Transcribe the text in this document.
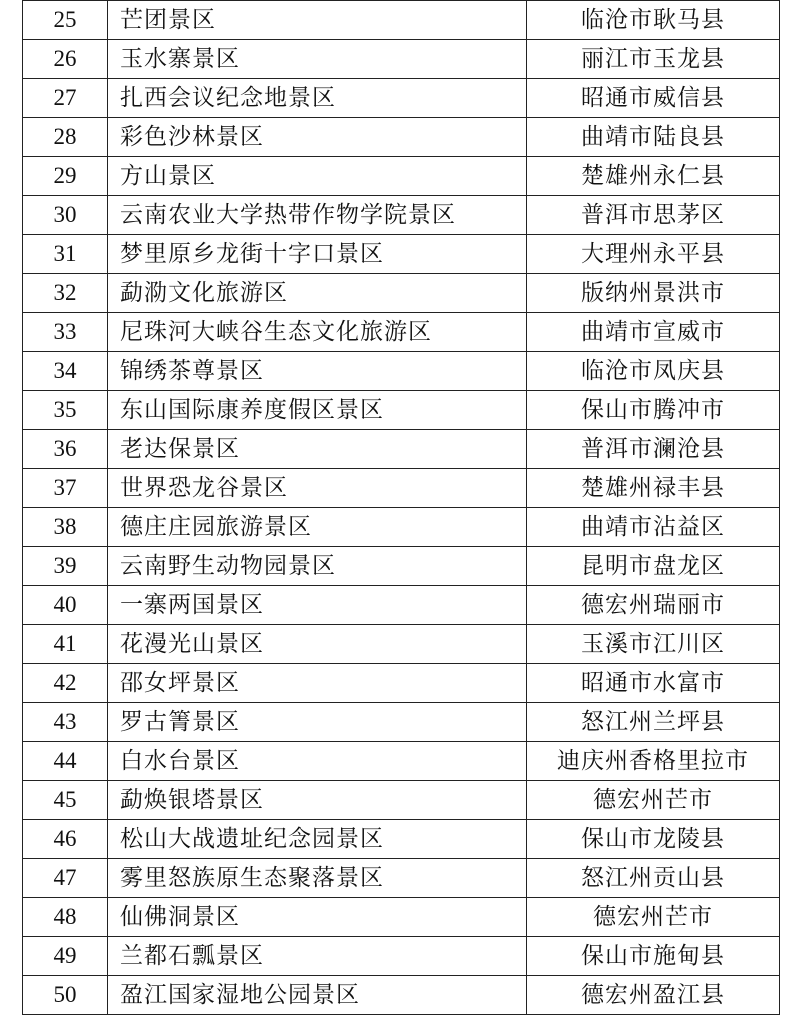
25	芒团景区	临沧市耿马县
26	玉水寨景区	丽江市玉龙县
27	扎西会议纪念地景区	昭通市威信县
28	彩色沙林景区	曲靖市陆良县
29	方山景区	楚雄州永仁县
30	云南农业大学热带作物学院景区	普洱市思茅区
31	梦里原乡龙街十字口景区	大理州永平县
32	勐泐文化旅游区	版纳州景洪市
33	尼珠河大峡谷生态文化旅游区	曲靖市宣威市
34	锦绣茶尊景区	临沧市凤庆县
35	东山国际康养度假区景区	保山市腾冲市
36	老达保景区	普洱市澜沧县
37	世界恐龙谷景区	楚雄州禄丰县
38	德庄庄园旅游景区	曲靖市沾益区
39	云南野生动物园景区	昆明市盘龙区
40	一寨两国景区	德宏州瑞丽市
41	花漫光山景区	玉溪市江川区
42	邵女坪景区	昭通市水富市
43	罗古箐景区	怒江州兰坪县
44	白水台景区	迪庆州香格里拉市
45	勐焕银塔景区	德宏州芒市
46	松山大战遗址纪念园景区	保山市龙陵县
47	雾里怒族原生态聚落景区	怒江州贡山县
48	仙佛洞景区	德宏州芒市
49	兰都石瓢景区	保山市施甸县
50	盈江国家湿地公园景区	德宏州盈江县
